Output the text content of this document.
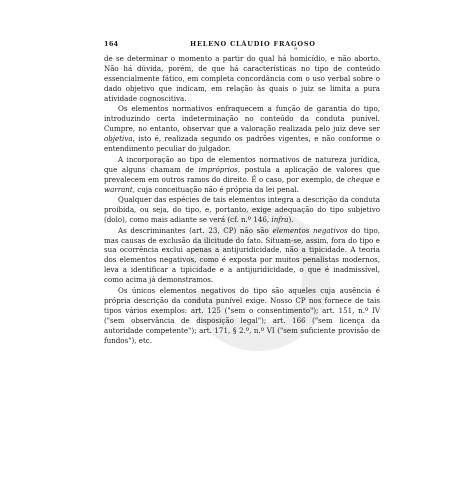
164	HELENO CLÁUDIO FRAGOSO
"

de se determinar o momento a partir do qual há homicídio, e não aborto. Não há dúvida, porém, de que há características no tipo de conteúdo essencialmente fático, em completa concordância com o uso verbal sobre o dado objetivo que indicam, em relação às quais o juiz se limita a pura atividade cognoscitiva.

Os elementos normativos enfraquecem a função de garantia do tipo, introduzindo certa indeterminação no conteúdo da conduta punível. Cumpre, no entanto, observar que a valoração realizada pelo juiz deve ser objetiva, isto é, realizada segundo os padrões vigentes, e não conforme o entendimento peculiar do julgador.

A incorporação ao tipo de elementos normativos de natureza jurídica, que alguns chamam de impróprios, postula a aplicação de valores que prevalecem em outros ramos do direito. É o caso, por exemplo, de cheque e warrant, cuja conceituação não é própria da lei penal.

Qualquer das espécies de tais elementos integra a descrição da conduta proibida, ou seja, do tipo, e, portanto, exige adequação do tipo subjetivo (dolo), como mais adiante se verá (cf. n.º 146, infra).

As descriminantes (art. 23, CP) não são elementos negativos do tipo, mas causas de exclusão da ilicitude do fato. Situam-se, assim, fora do tipo e sua ocorrência exclui apenas a antijuridicidade, não a tipicidade. A teoria dos elementos negativos, como é exposta por muitos penalistas modernos, leva a identificar a tipicidade e a antijuridicidade, o que é inadmissível, como acima já demonstramos.

Os únicos elementos negativos do tipo são aqueles cuja ausência é própria descrição da conduta punível exige. Nosso CP nos fornece de tais tipos vários exemplos: art. 125 ("sem o consentimento"); art. 151, n.º IV ("sem observância de disposição legal"); art. 166 ("sem licença da autoridade competente"); art. 171, § 2.º, n.º VI ("sem suficiente provisão de fundos"), etc.
